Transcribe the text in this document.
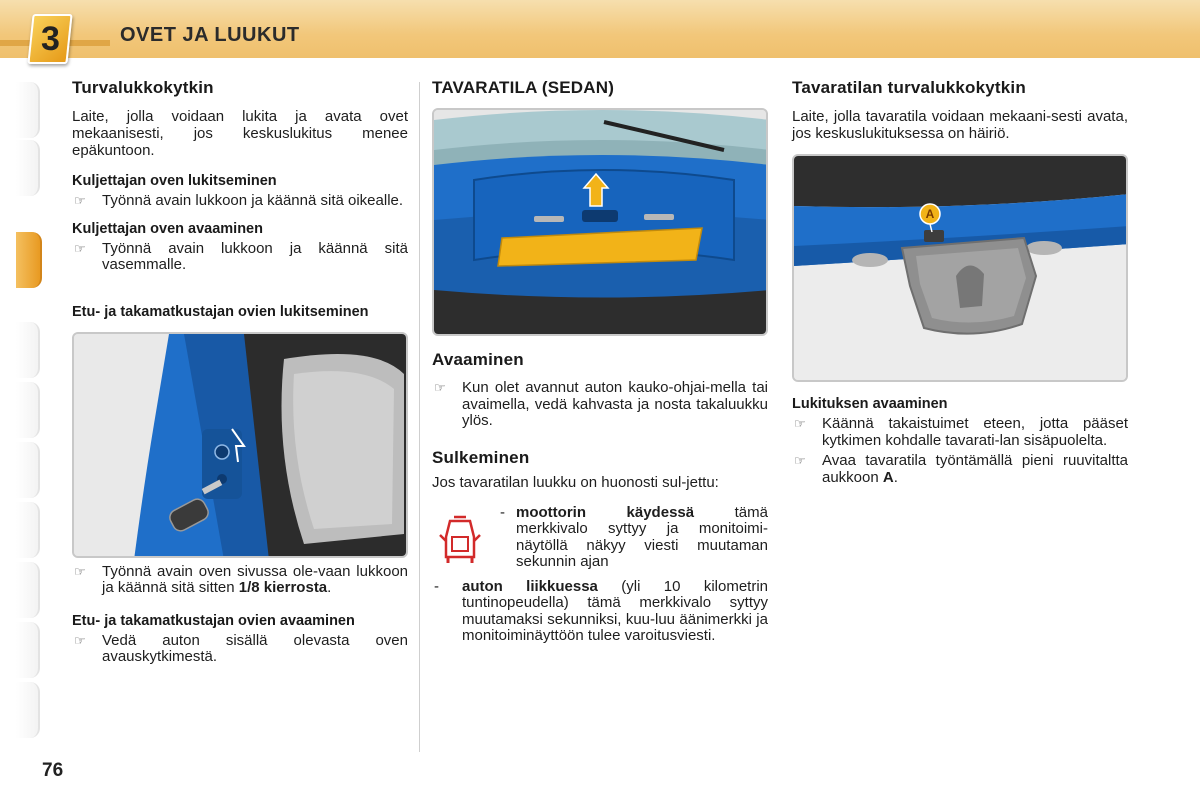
3	OVET JA LUUKUT
Turvalukkokytkin

Laite, jolla voidaan lukita ja avata ovet mekaanisesti, jos keskuslukitus menee epäkuntoon.

Kuljettajan oven lukitseminen
☞ Työnnä avain lukkoon ja käännä sitä oikealle.
Kuljettajan oven avaaminen
☞ Työnnä avain lukkoon ja käännä sitä vasemmalle.
Etu- ja takamatkustajan ovien lukitseminen
☞ Työnnä avain oven sivussa ole-vaan lukkoon ja käännä sitä sitten 1/8 kierrosta.
Etu- ja takamatkustajan ovien avaaminen
☞ Vedä auton sisällä olevasta oven avauskytkimestä.
TAVARATILA (SEDAN)
Avaaminen
☞ Kun olet avannut auton kauko-ohjai-mella tai avaimella, vedä kahvasta ja nosta takaluukku ylös.
Sulkeminen

Jos tavaratilan luukku on huonosti sul-jettu:

- moottorin käydessä tämä merkkivalo syttyy ja monitoimi-näytöllä näkyy viesti muutaman sekunnin ajan
- auton liikkuessa (yli 10 kilometrin tuntinopeudella) tämä merkkivalo syttyy muutamaksi sekunniksi, kuu-luu äänimerkki ja monitoiminäyttöön tulee varoitusviesti.
Tavaratilan turvalukkokytkin

Laite, jolla tavaratila voidaan mekaani-sesti avata, jos keskuslukituksessa on häiriö.

A
Lukituksen avaaminen
☞ Käännä takaistuimet eteen, jotta pääset kytkimen kohdalle tavarati-lan sisäpuolelta.
☞ Avaa tavaratila työntämällä pieni ruuvitaltta aukkoon A.
76
